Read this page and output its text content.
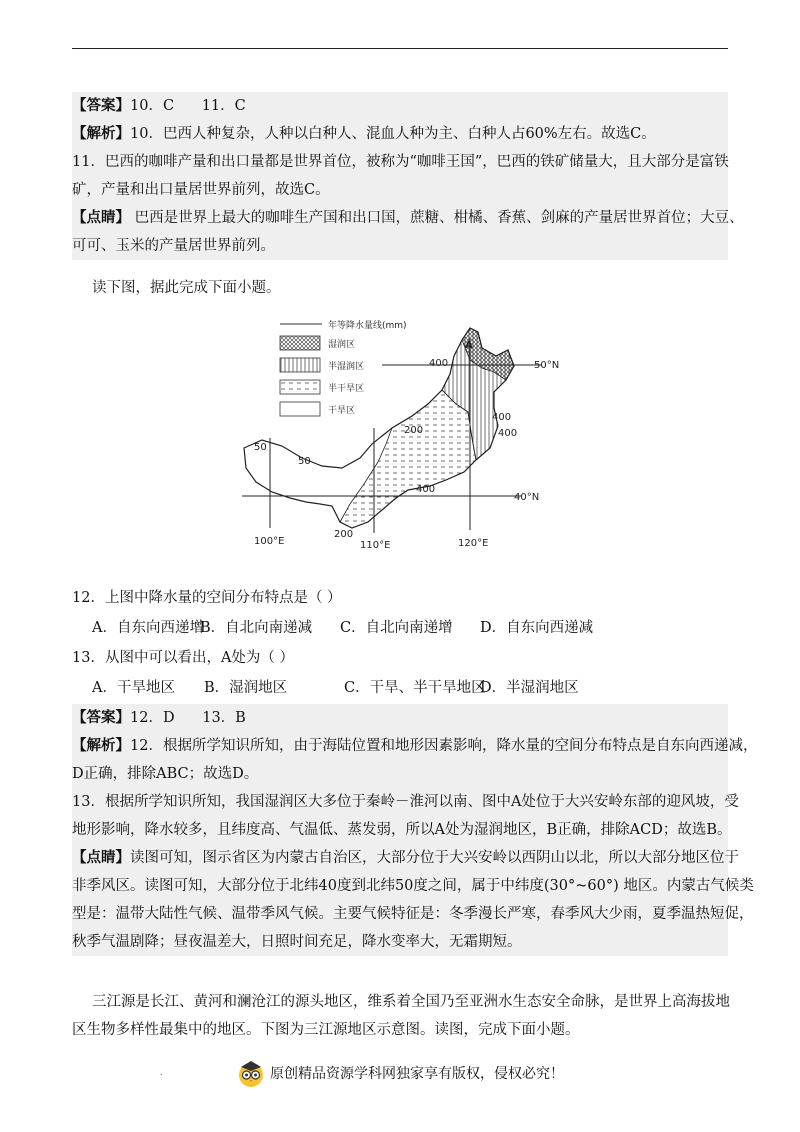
【答案】10．C      11．C
【解析】10．巴西人种复杂，人种以白种人、混血人种为主、白种人占60%左右。故选C。
11．巴西的咖啡产量和出口量都是世界首位，被称为“咖啡王国”，巴西的铁矿储量大，且大部分是富铁
矿，产量和出口量居世界前列，故选C。
【点睛】 巴西是世界上最大的咖啡生产国和出口国，蔗糖、柑橘、香蕉、剑麻的产量居世界首位；大豆、
可可、玉米的产量居世界前列。
读下图，据此完成下面小题。
年等降水量线(mm)
湿润区
半湿润区
半干旱区
干旱区
50°N
40°N
100°E	110°E	120°E
A
400
400
400
400
200
200
50
50
12．上图中降水量的空间分布特点是（ ）
A．自东向西递增
B．自北向南递减	C．自北向南递增	D．自东向西递减
13．从图中可以看出，A处为（ ）
A．干旱地区	B．湿润地区	C．干旱、半干旱地区
D．半湿润地区
【答案】12．D      13．B
【解析】12．根据所学知识所知，由于海陆位置和地形因素影响，降水量的空间分布特点是自东向西递减，
D正确，排除ABC；故选D。
13．根据所学知识所知，我国湿润区大多位于秦岭－淮河以南、图中A处位于大兴安岭东部的迎风坡，受
地形影响，降水较多，且纬度高、气温低、蒸发弱，所以A处为湿润地区，B正确，排除ACD；故选B。
【点睛】读图可知，图示省区为内蒙古自治区，大部分位于大兴安岭以西阴山以北，所以大部分地区位于
非季风区。读图可知，大部分位于北纬40度到北纬50度之间，属于中纬度(30°~60°) 地区。内蒙古气候类
型是：温带大陆性气候、温带季风气候。主要气候特征是：冬季漫长严寒，春季风大少雨，夏季温热短促，
秋季气温剧降；昼夜温差大，日照时间充足，降水变率大，无霜期短。
三江源是长江、黄河和澜沧江的源头地区，维系着全国乃至亚洲水生态安全命脉，是世界上高海拔地
区生物多样性最集中的地区。下图为三江源地区示意图。读图，完成下面小题。
.	原创精品资源学科网独家享有版权，侵权必究！
